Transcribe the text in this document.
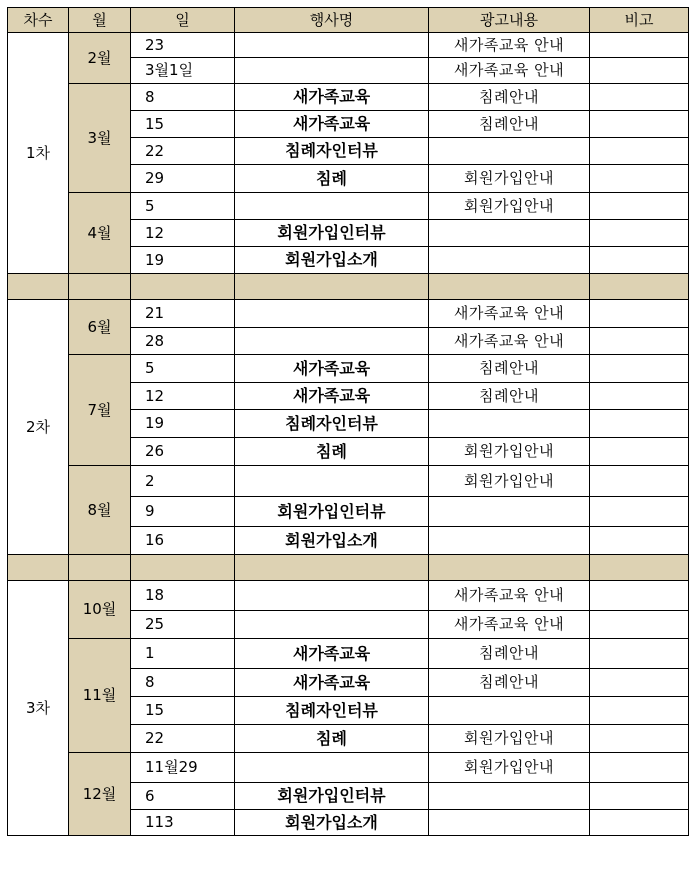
차수	월	일	행사명	광고내용	비고
1차	2월	23		새가족교육 안내	
		3월1일		새가족교육 안내	
	3월	8	새가족교육	침례안내	
		15	새가족교육	침례안내	
		22	침례자인터뷰		
		29	침례	회원가입안내	
	4월	5		회원가입안내	
		12	회원가입인터뷰		
		19	회원가입소개		

2차	6월	21		새가족교육 안내	
		28		새가족교육 안내	
	7월	5	새가족교육	침례안내	
		12	새가족교육	침례안내	
		19	침례자인터뷰		
		26	침례	회원가입안내	
	8월	2		회원가입안내	
		9	회원가입인터뷰		
		16	회원가입소개		

3차	10월	18		새가족교육 안내	
		25		새가족교육 안내	
	11월	1	새가족교육	침례안내	
		8	새가족교육	침례안내	
		15	침례자인터뷰		
		22	침례	회원가입안내	
	12월	11월29		회원가입안내	
		6	회원가입인터뷰		
		113	회원가입소개		
